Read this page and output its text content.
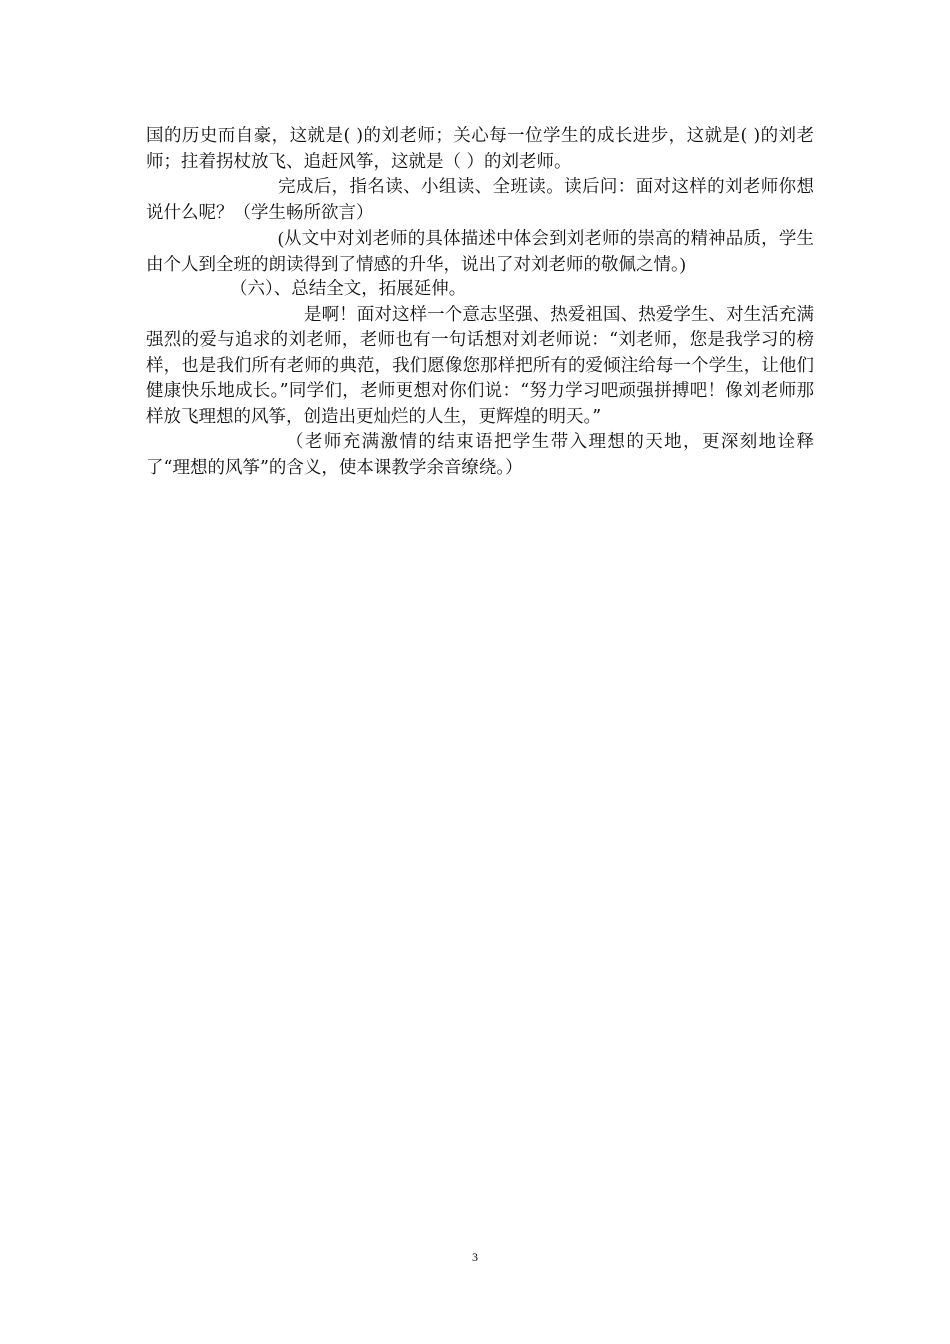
国的历史而自豪，这就是( )的刘老师；关心每一位学生的成长进步，这就是( )的刘老师；拄着拐杖放飞、追赶风筝，这就是（ ）的刘老师。

完成后，指名读、小组读、全班读。读后问：面对这样的刘老师你想说什么呢？（学生畅所欲言）

(从文中对刘老师的具体描述中体会到刘老师的崇高的精神品质，学生由个人到全班的朗读得到了情感的升华，说出了对刘老师的敬佩之情。)

（六）、总结全文，拓展延伸。

是啊！面对这样一个意志坚强、热爱祖国、热爱学生、对生活充满强烈的爱与追求的刘老师，老师也有一句话想对刘老师说：“刘老师，您是我学习的榜样，也是我们所有老师的典范，我们愿像您那样把所有的爱倾注给每一个学生，让他们健康快乐地成长。”同学们，老师更想对你们说：“努力学习吧顽强拼搏吧！像刘老师那样放飞理想的风筝，创造出更灿烂的人生，更辉煌的明天。”

（老师充满激情的结束语把学生带入理想的天地，更深刻地诠释了“理想的风筝”的含义，使本课教学余音缭绕。）

3
